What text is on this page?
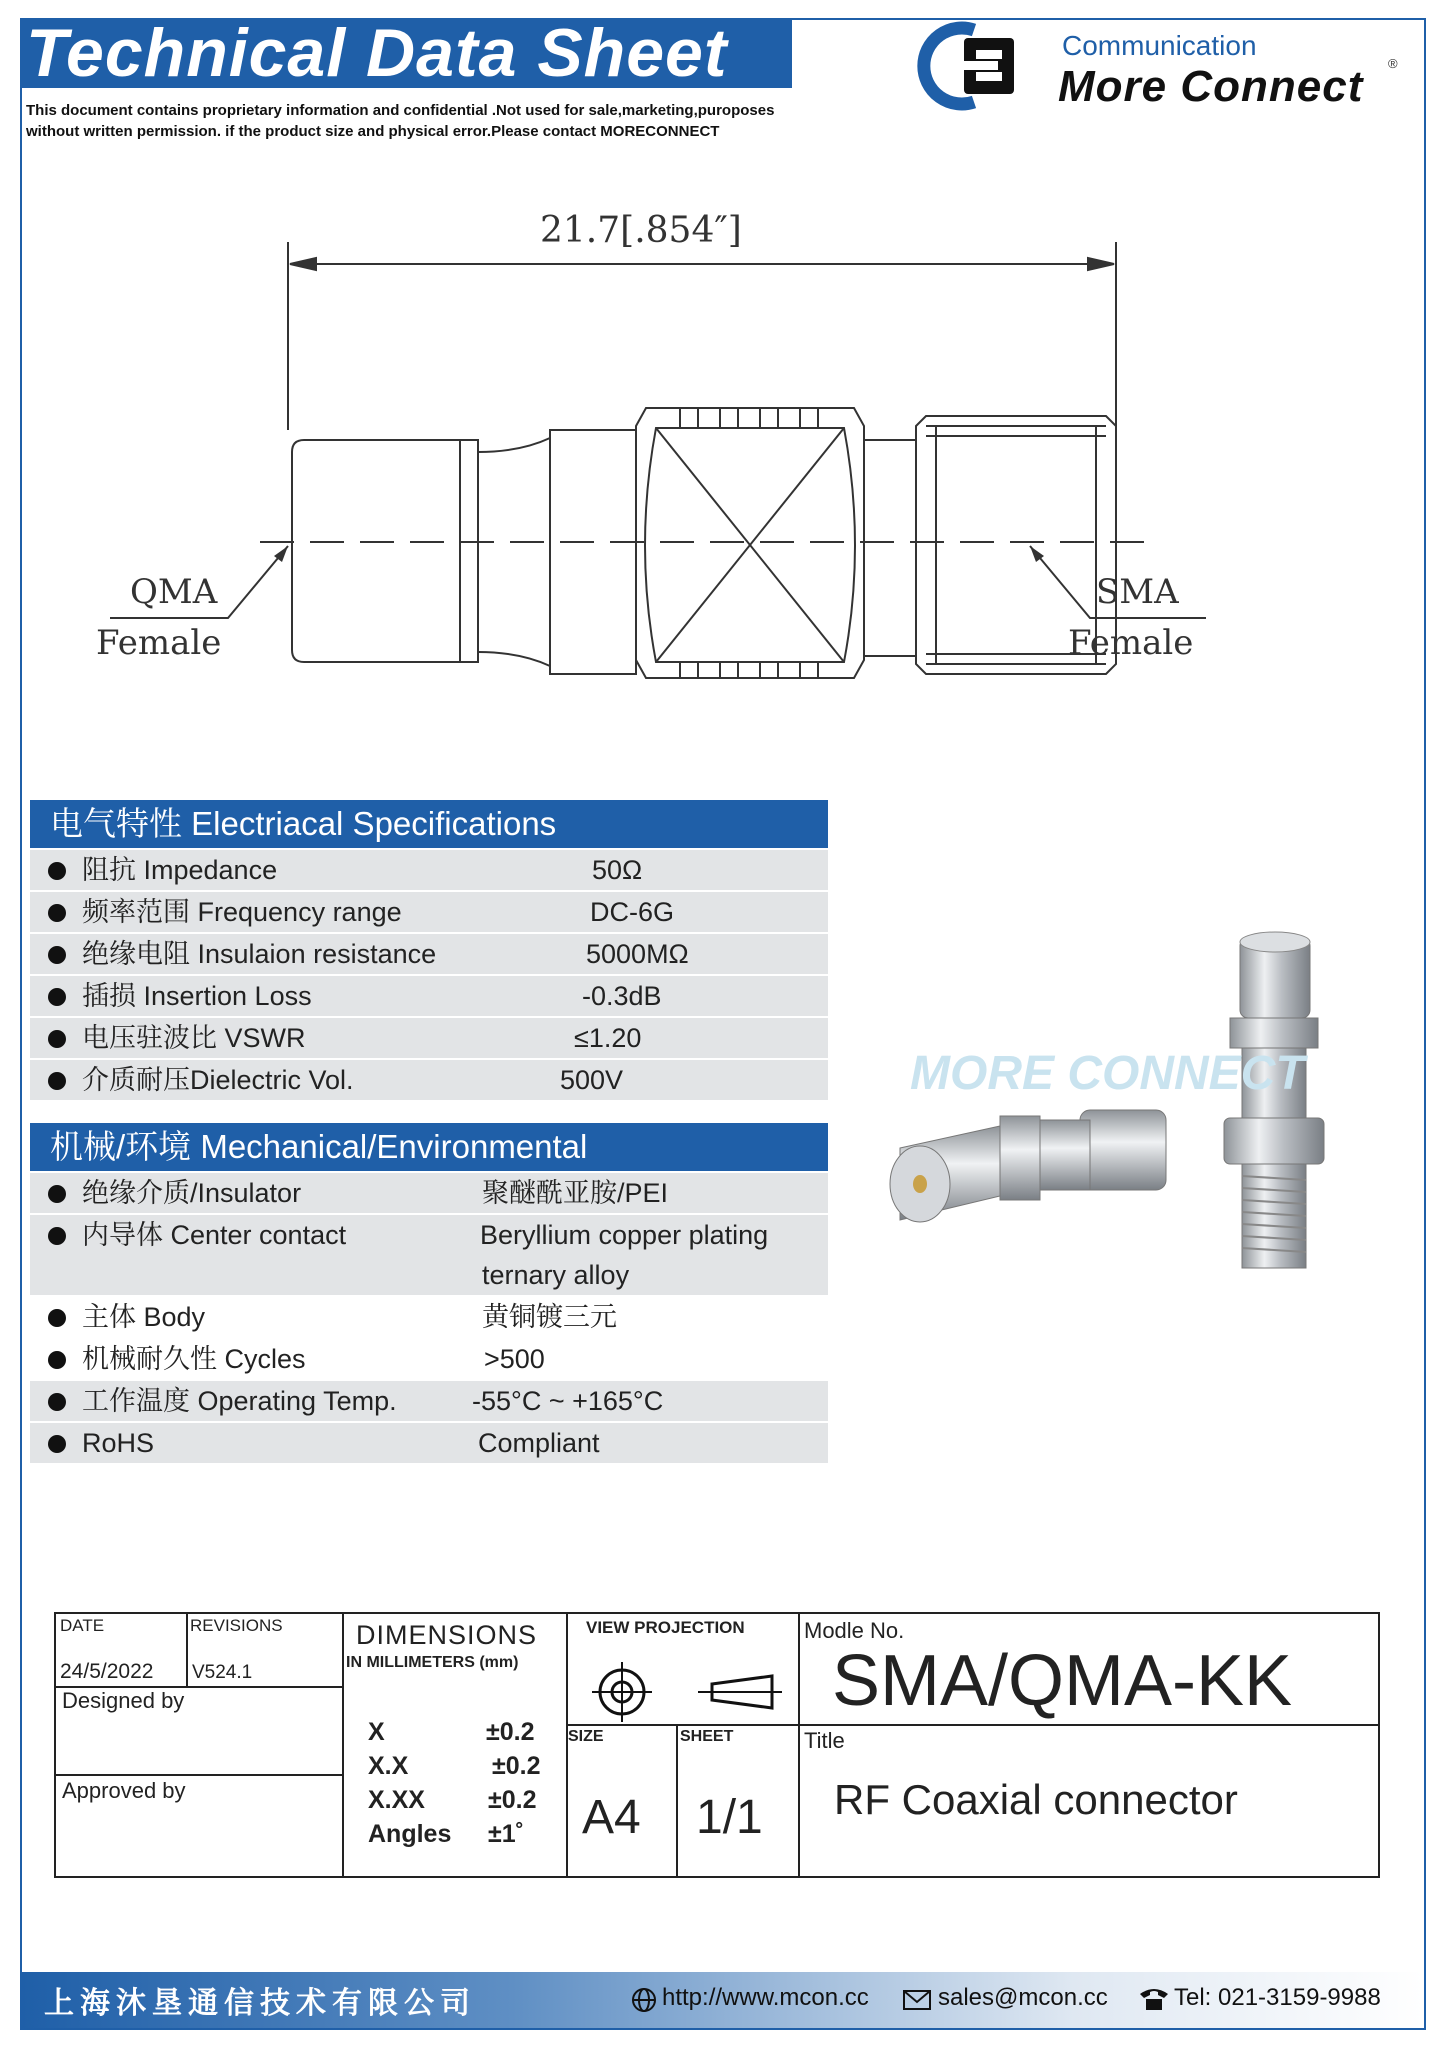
Technical Data Sheet
This document contains proprietary information and confidential .Not used for sale,marketing,puroposes
without written permission. if the product size and physical error.Please contact MORECONNECT
Communication
More Connect ®
21.7[.854″]
QMA
Female
SMA
Female
电气特性 Electriacal Specifications
阻抗 Impedance	50Ω
频率范围 Frequency range	DC-6G
绝缘电阻 Insulaion resistance	5000MΩ
插损 Insertion Loss	-0.3dB
电压驻波比 VSWR	≤1.20
介质耐压Dielectric Vol.	500V
机械/环境 Mechanical/Environmental
绝缘介质/Insulator	聚醚酰亚胺/PEI
内导体 Center contact	Beryllium copper plating
ternary alloy
主体 Body	黄铜镀三元
机械耐久性 Cycles	>500
工作温度 Operating Temp.	-55°C ~ +165°C
RoHS	Compliant
MORE CONNECT
DATE
24/5/2022
REVISIONS
V524.1
Designed by
Approved by
DIMENSIONS
IN MILLIMETERS (mm)
X	±0.2
X.X	±0.2
X.XX	±0.2
Angles ±1˚
VIEW PROJECTION
SIZE
A4
SHEET
1/1
Modle No.
SMA/QMA-KK
Title
RF Coaxial connector
上海沐垦通信技术有限公司	http://www.mcon.cc	sales@mcon.cc	Tel: 021-3159-9988
